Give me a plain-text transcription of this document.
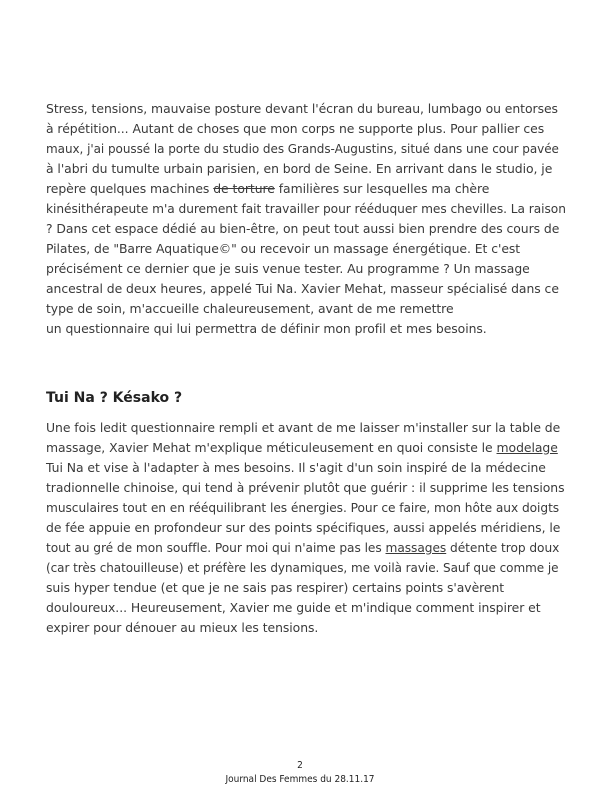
Stress, tensions, mauvaise posture devant l'écran du bureau, lumbago ou entorses
à répétition... Autant de choses que mon corps ne supporte plus. Pour pallier ces
maux, j'ai poussé la porte du studio des Grands-Augustins, situé dans une cour pavée
à l'abri du tumulte urbain parisien, en bord de Seine. En arrivant dans le studio, je
repère quelques machines de torture familières sur lesquelles ma chère
kinésithérapeute m'a durement fait travailler pour rééduquer mes chevilles. La raison
? Dans cet espace dédié au bien-être, on peut tout aussi bien prendre des cours de
Pilates, de "Barre Aquatique©" ou recevoir un massage énergétique. Et c'est
précisément ce dernier que je suis venue tester. Au programme ? Un massage
ancestral de deux heures, appelé Tui Na. Xavier Mehat, masseur spécialisé dans ce
type de soin, m'accueille chaleureusement, avant de me remettre
un questionnaire qui lui permettra de définir mon profil et mes besoins.

Tui Na ? Késako ?

Une fois ledit questionnaire rempli et avant de me laisser m'installer sur la table de
massage, Xavier Mehat m'explique méticuleusement en quoi consiste le modelage
Tui Na et vise à l'adapter à mes besoins. Il s'agit d'un soin inspiré de la médecine
tradionnelle chinoise, qui tend à prévenir plutôt que guérir : il supprime les tensions
musculaires tout en en rééquilibrant les énergies. Pour ce faire, mon hôte aux doigts
de fée appuie en profondeur sur des points spécifiques, aussi appelés méridiens, le
tout au gré de mon souffle. Pour moi qui n'aime pas les massages détente trop doux
(car très chatouilleuse) et préfère les dynamiques, me voilà ravie. Sauf que comme je
suis hyper tendue (et que je ne sais pas respirer) certains points s'avèrent
douloureux... Heureusement, Xavier me guide et m'indique comment inspirer et
expirer pour dénouer au mieux les tensions.

2
Journal Des Femmes du 28.11.17
